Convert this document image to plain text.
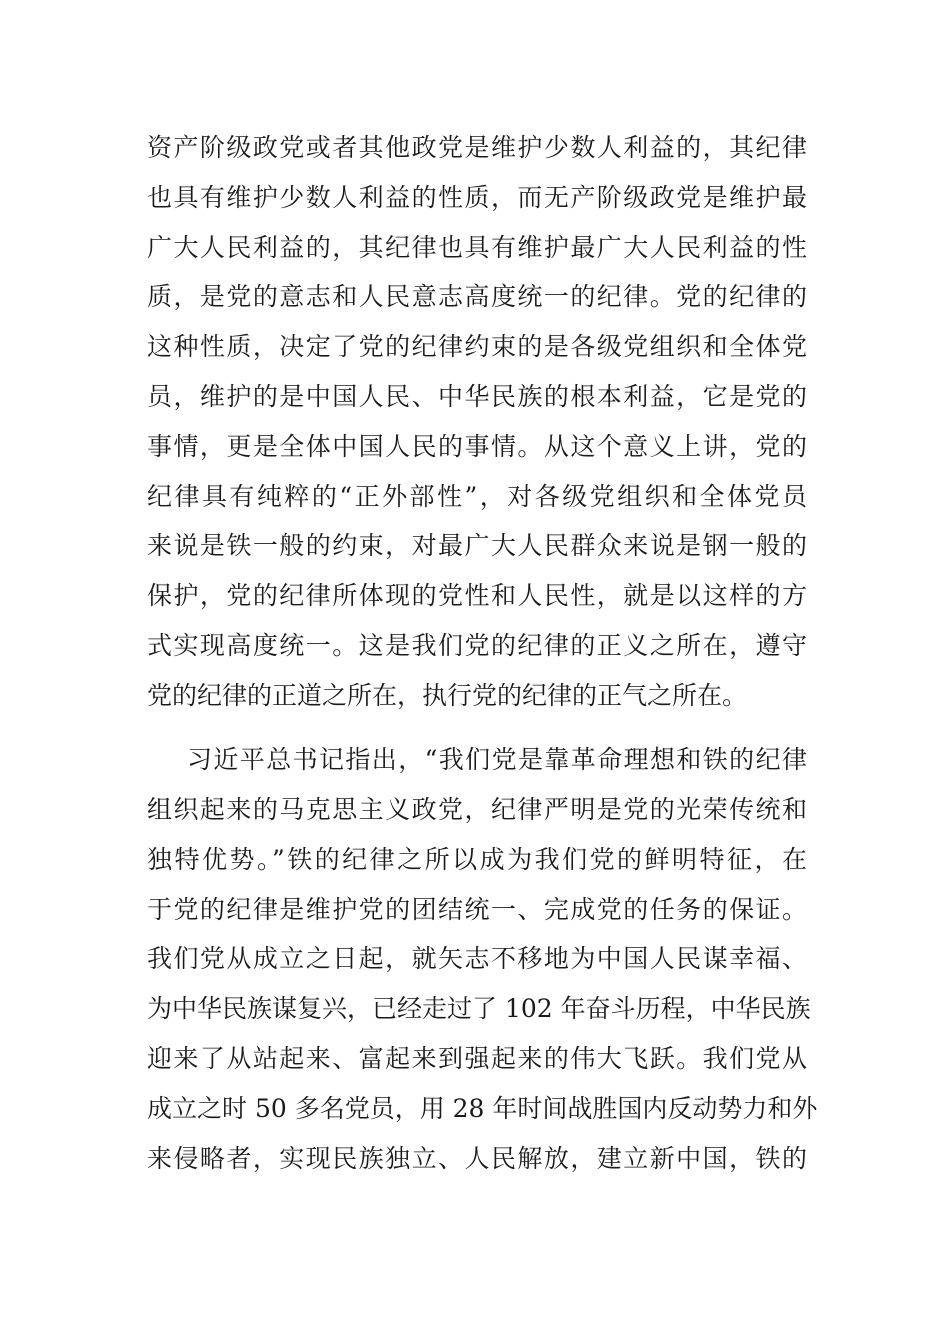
资产阶级政党或者其他政党是维护少数人利益的，其纪律
也具有维护少数人利益的性质，而无产阶级政党是维护最
广大人民利益的，其纪律也具有维护最广大人民利益的性
质，是党的意志和人民意志高度统一的纪律。党的纪律的
这种性质，决定了党的纪律约束的是各级党组织和全体党
员，维护的是中国人民、中华民族的根本利益，它是党的
事情，更是全体中国人民的事情。从这个意义上讲，党的
纪律具有纯粹的“正外部性”，对各级党组织和全体党员
来说是铁一般的约束，对最广大人民群众来说是钢一般的
保护，党的纪律所体现的党性和人民性，就是以这样的方
式实现高度统一。这是我们党的纪律的正义之所在，遵守
党的纪律的正道之所在，执行党的纪律的正气之所在。
习近平总书记指出，“我们党是靠革命理想和铁的纪律
组织起来的马克思主义政党，纪律严明是党的光荣传统和
独特优势。”铁的纪律之所以成为我们党的鲜明特征，在
于党的纪律是维护党的团结统一、完成党的任务的保证。
我们党从成立之日起，就矢志不移地为中国人民谋幸福、
为中华民族谋复兴，已经走过了 102 年奋斗历程，中华民族
迎来了从站起来、富起来到强起来的伟大飞跃。我们党从
成立之时 50 多名党员，用 28 年时间战胜国内反动势力和外
来侵略者，实现民族独立、人民解放，建立新中国，铁的
